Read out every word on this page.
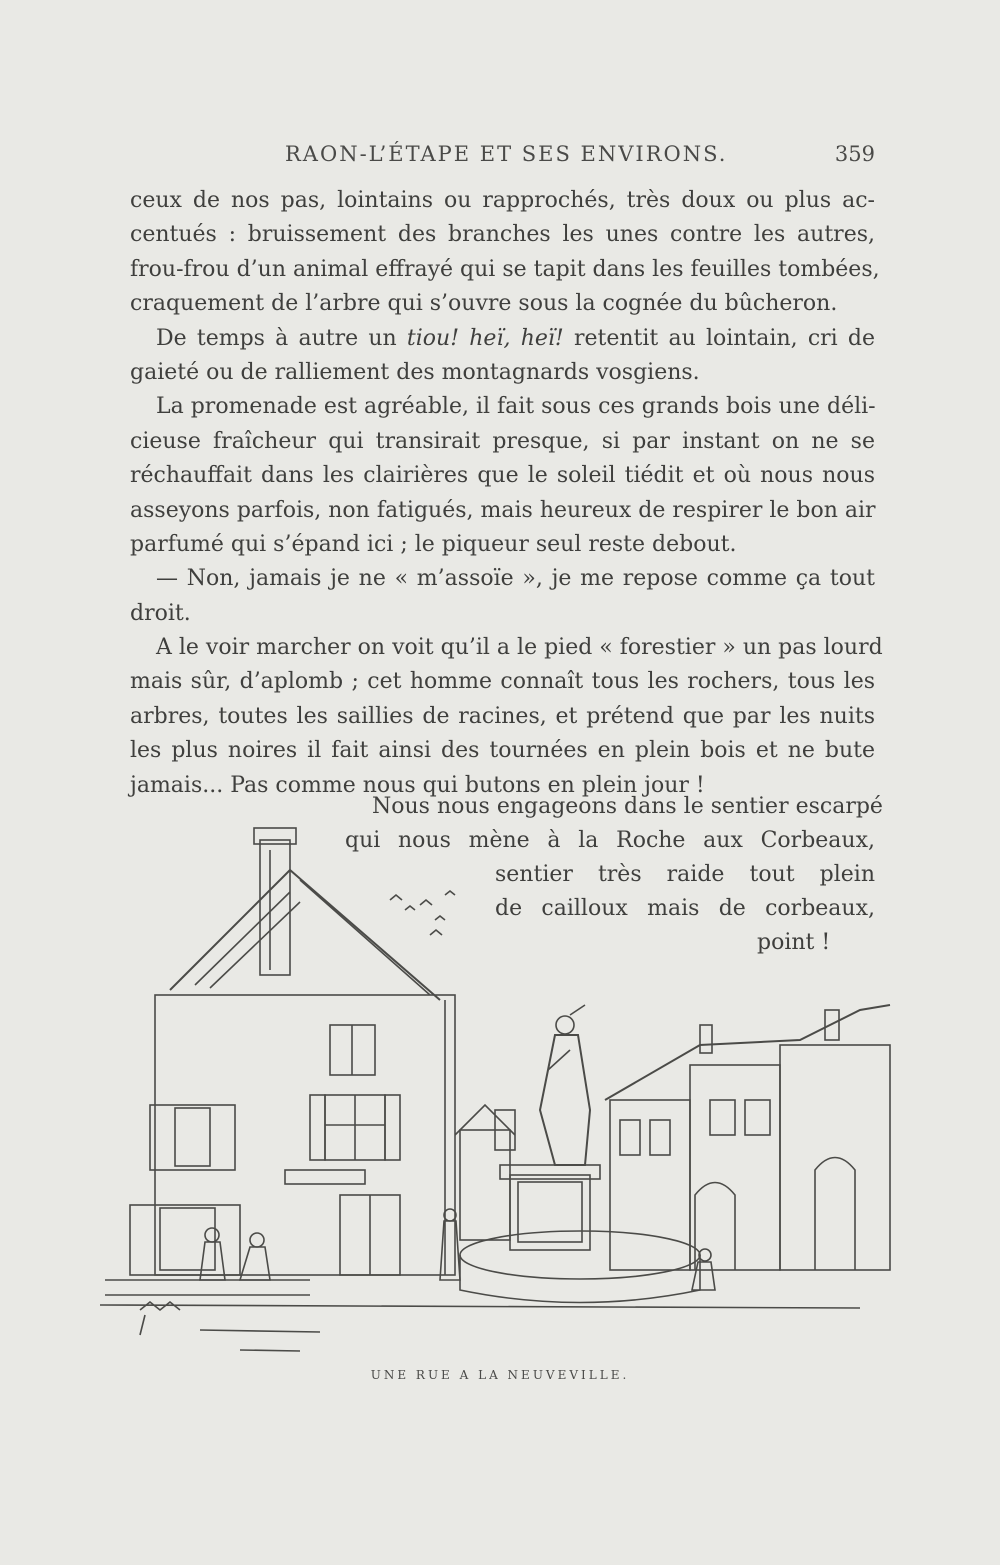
RAON-L’ÉTAPE ET SES ENVIRONS.	359
ceux de nos pas, lointains ou rapprochés, très doux ou plus ac-
centués : bruissement des branches les unes contre les autres,
frou-frou d’un animal effrayé qui se tapit dans les feuilles tombées,
craquement de l’arbre qui s’ouvre sous la cognée du bûcheron.
De temps à autre un tiou! heï, heï! retentit au lointain, cri de
gaieté ou de ralliement des montagnards vosgiens.
La promenade est agréable, il fait sous ces grands bois une déli-
cieuse fraîcheur qui transirait presque, si par instant on ne se
réchauffait dans les clairières que le soleil tiédit et où nous nous
asseyons parfois, non fatigués, mais heureux de respirer le bon air
parfumé qui s’épand ici ; le piqueur seul reste debout.
— Non, jamais je ne « m’assoïe », je me repose comme ça tout
droit.
A le voir marcher on voit qu’il a le pied « forestier » un pas lourd
mais sûr, d’aplomb ; cet homme connaît tous les rochers, tous les
arbres, toutes les saillies de racines, et prétend que par les nuits
les plus noires il fait ainsi des tournées en plein bois et ne bute
jamais... Pas comme nous qui butons en plein jour !
Nous nous engageons dans le sentier escarpé
qui nous mène à la Roche aux Corbeaux,
sentier très raide tout plein
de cailloux mais de corbeaux,
point !
UNE RUE A LA NEUVEVILLE.
